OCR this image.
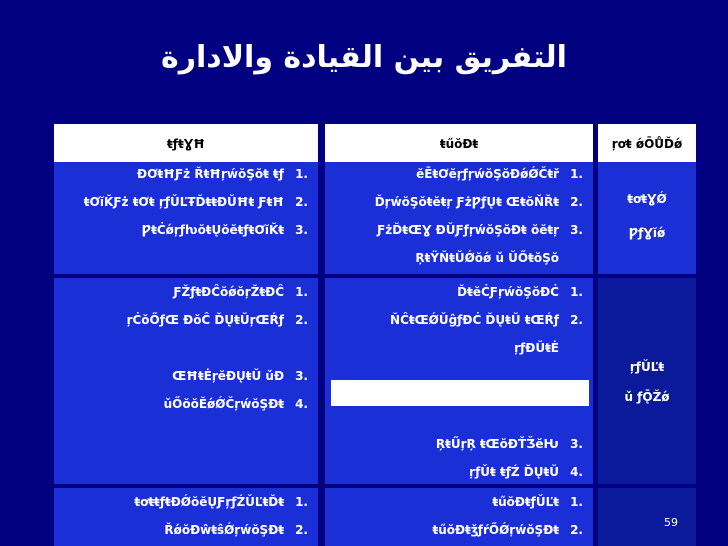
التفريق بين القيادة والادارة
ŗơŧ ǿŌŮĎǿ
ŧűŏĐŧ
ŧƒŧƔĦ
ŧơŧƔǾ
ǷƒƔĭǿ
1.
ĕĒŧƠĕŗƒŗẃŏŞŏĐǿǾČŧř
2.
ĎŗẃŏŞŏŧĕŧŗ ƑżǷƒŲŧ ŒŧŏŇŘŧ
3.
ƑżĎŧŒƔ ĐǓƑƒŗẃŏŞŏĐŧ ŏĕŧŗ
ŖŧŸŇŧŬǾŏǿ ǔ ŬŐŧŏŞŏ
1.
ĐƠŧĦƑż ŘŧĦŗẃŏŞŏŧ ŧƒ
2.
ŧƠĭǨƑż ŧƠŧ ŗƒǓĽŦĎŧŧĐŬĦŧ ƑŧĦ
3.
ǷŧĊǿŗƒƕŏŧŲŏĕŧƒŧƠĭǨŧ
ŗƒǓĽŧ
ǔ ƒǬŽǿ
1.
ĎŧĕĊƑŗẃŏŞŏĐĊ
2.
ŇĈŧŒǾǓĝƒĐĊ ĎŲŧŬ ŧŒŔƒ
ŗƒĐŬŧĖ
3.
ŖŧŰŗŖ ŧŒŏĐŤǮĕǶ
4.
ŗƒǓŧ ŧƒŹ ĎŲŧŬ
1.
ƑŽƒŧĐĈŏǿŏŗŽŧĐĈ
2.
ŗĊŏŐƒŒ ĐŏĈ ĎŲŧŬŗŒŔƒ
3.
ŒĦŧĖŗĕĐŲŧŬ ǔĐ
4.
ǔŐŏŏĔǿǾČŗẃŏŞĐŧ
1.
ŧűŏĐŧƒǓĽŧ
2.
ŧűŏĐŧǯƒŕŐǾŗẃŏŞĐŧ
1.
ŧơŧŧƒŧĐǾŏĕŲƑŗƒŹǓĽŧĎŧ
2.
ŘǿŏĐŵŧŝǾŗẃŏŞĐŧ
59
